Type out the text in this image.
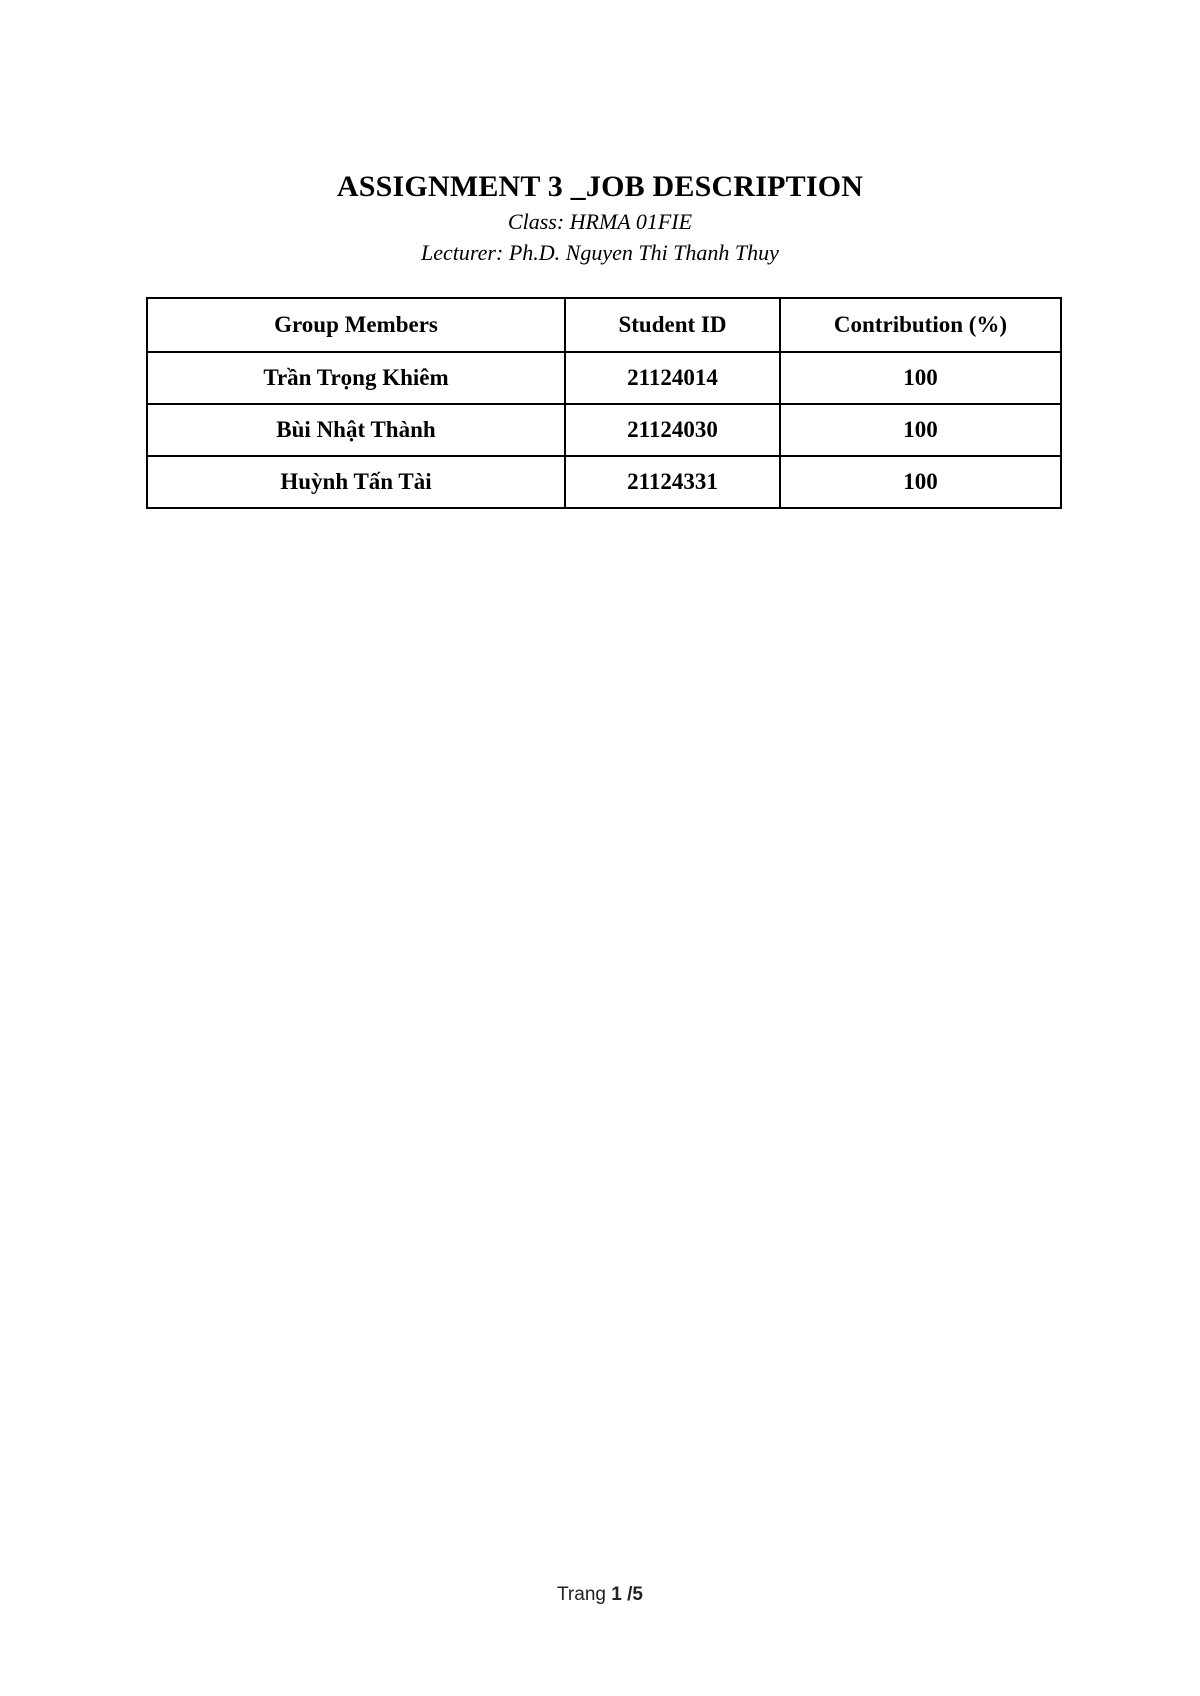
ASSIGNMENT 3 _JOB DESCRIPTION

Class: HRMA 01FIE

Lecturer: Ph.D. Nguyen Thi Thanh Thuy

Group Members	Student ID	Contribution (%)
Trần Trọng Khiêm	21124014	100
Bùi Nhật Thành	21124030	100
Huỳnh Tấn Tài	21124331	100
Trang 1 /5
